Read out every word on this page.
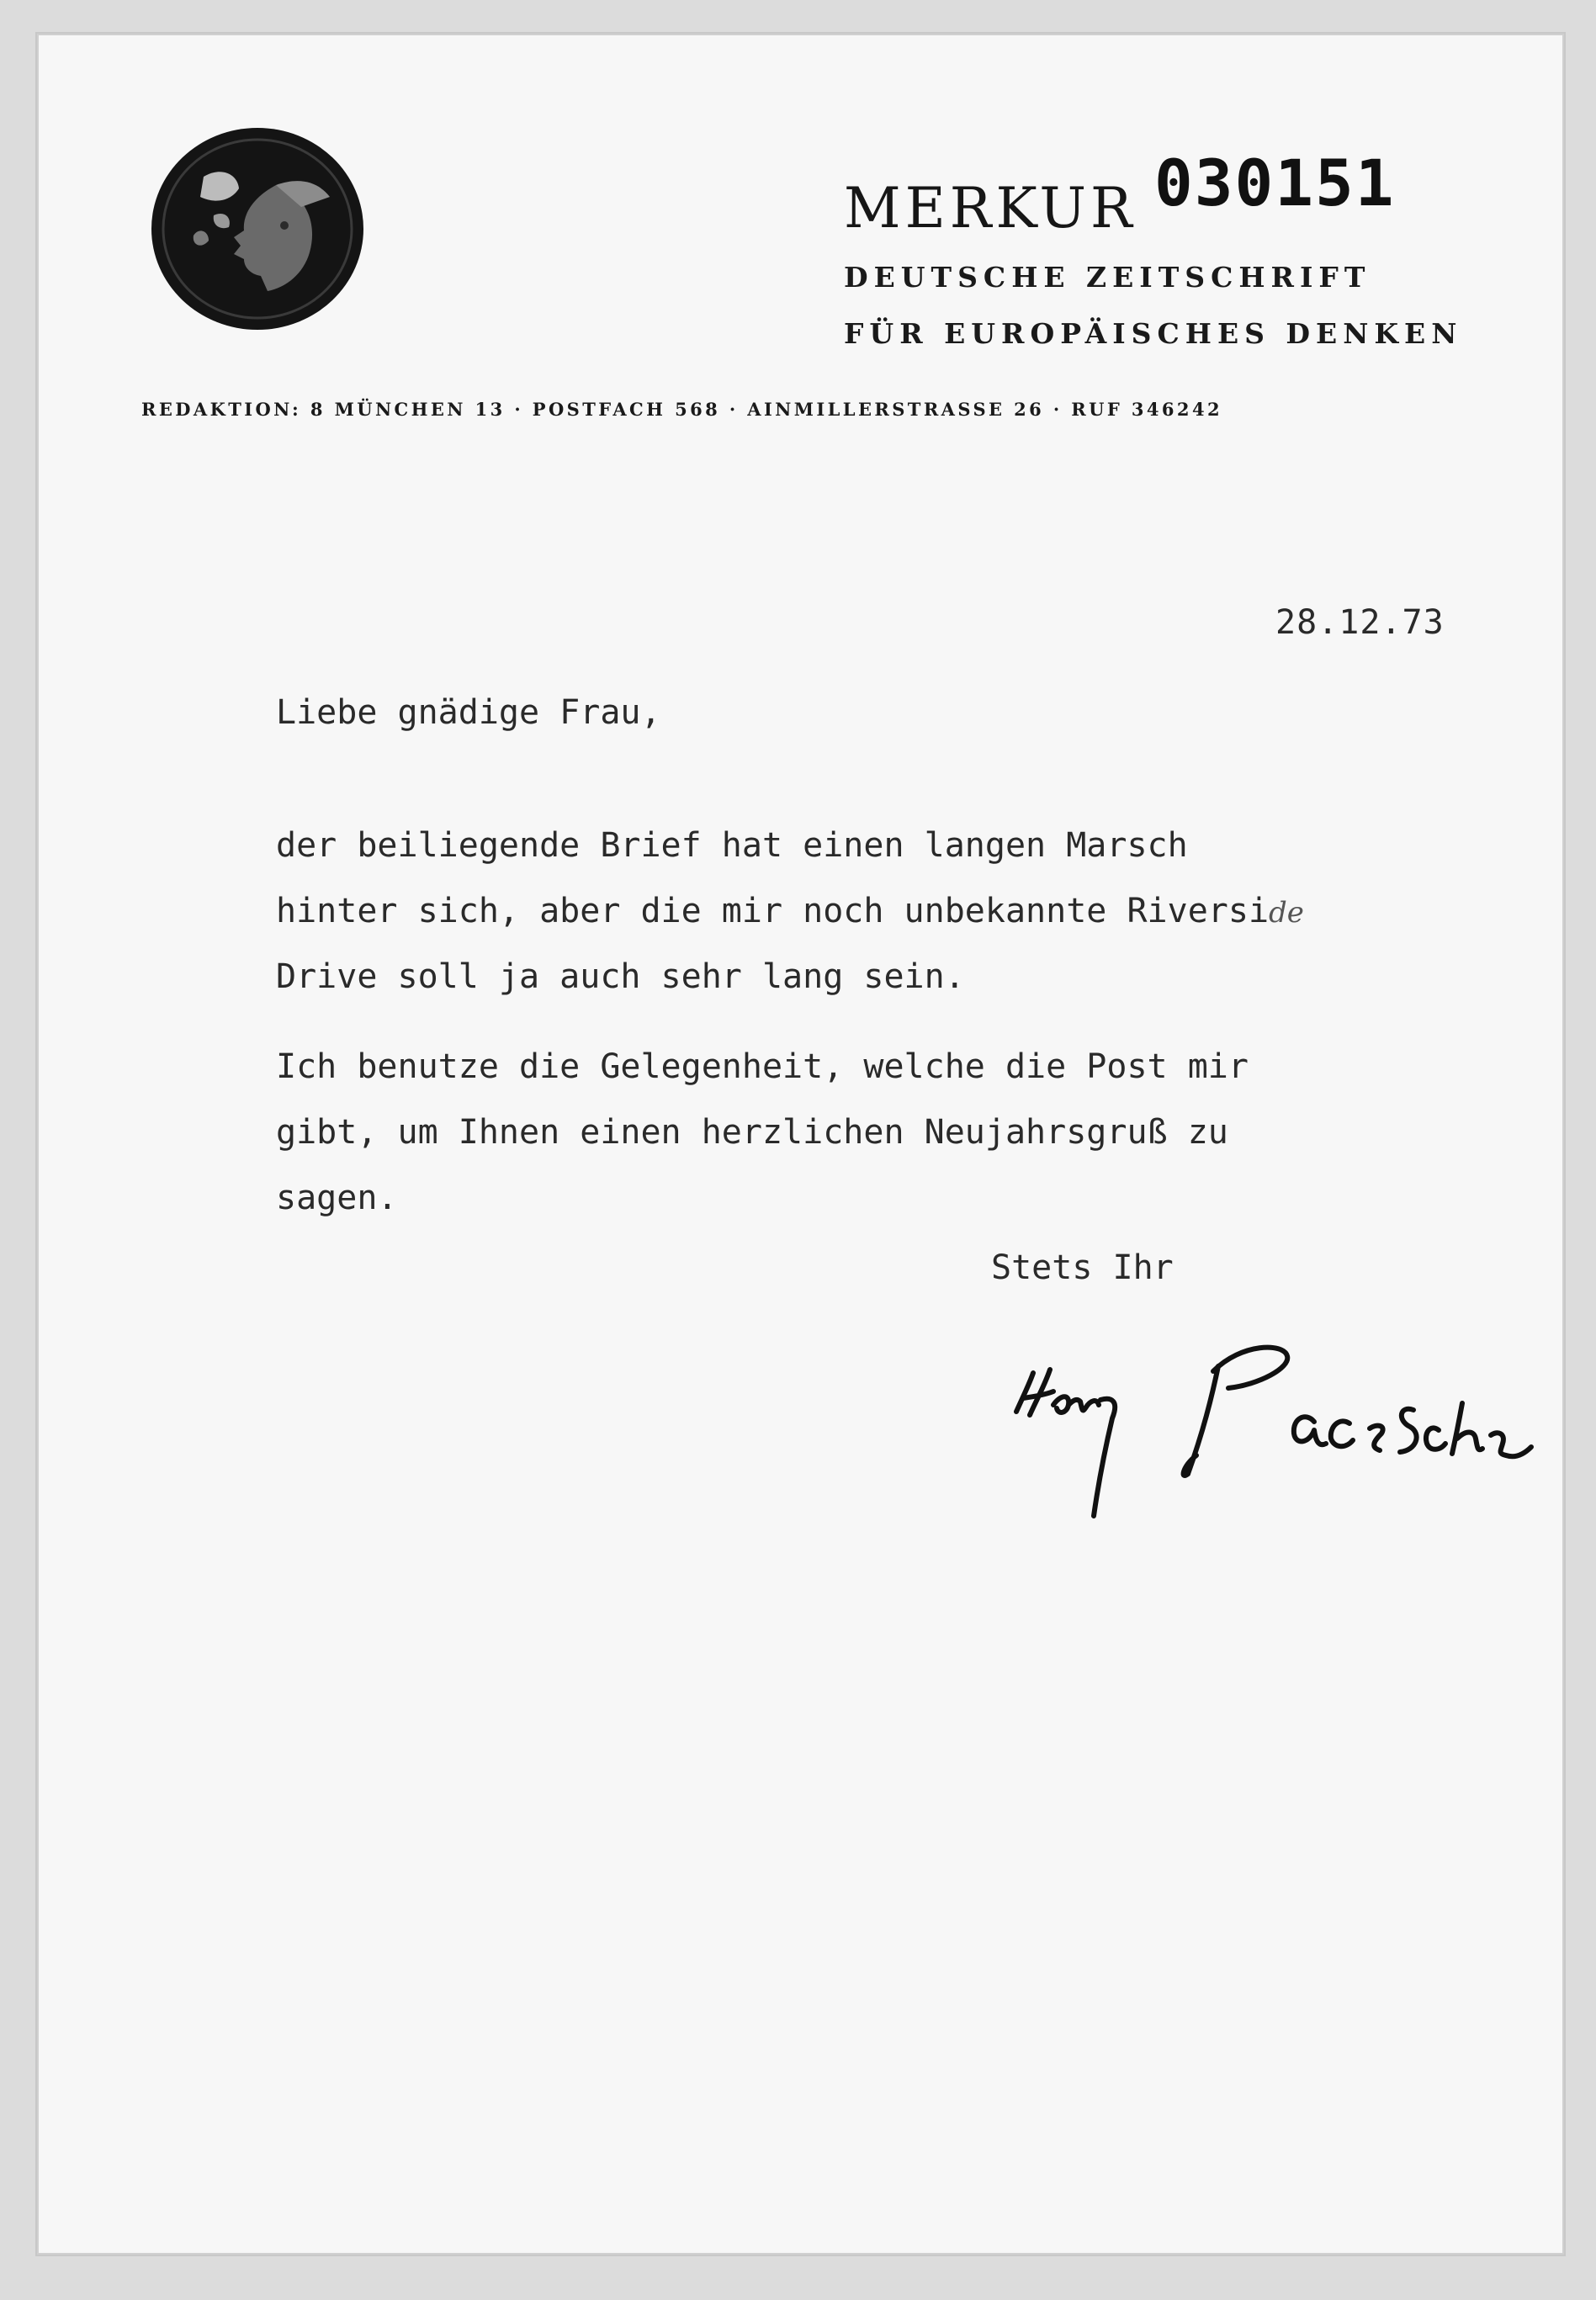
MERKUR 030151
DEUTSCHE ZEITSCHRIFT
FÜR EUROPÄISCHES DENKEN
REDAKTION: 8 MÜNCHEN 13 · POSTFACH 568 · AINMILLERSTRASSE 26 · RUF 346242
28.12.73
Liebe gnädige Frau,
der beiliegende Brief hat einen langen Marsch
hinter sich, aber die mir noch unbekannte Riverside
Drive soll ja auch sehr lang sein.
Ich benutze die Gelegenheit, welche die Post mir
gibt, um Ihnen einen herzlichen Neujahrsgruß zu
sagen.
Stets Ihr
